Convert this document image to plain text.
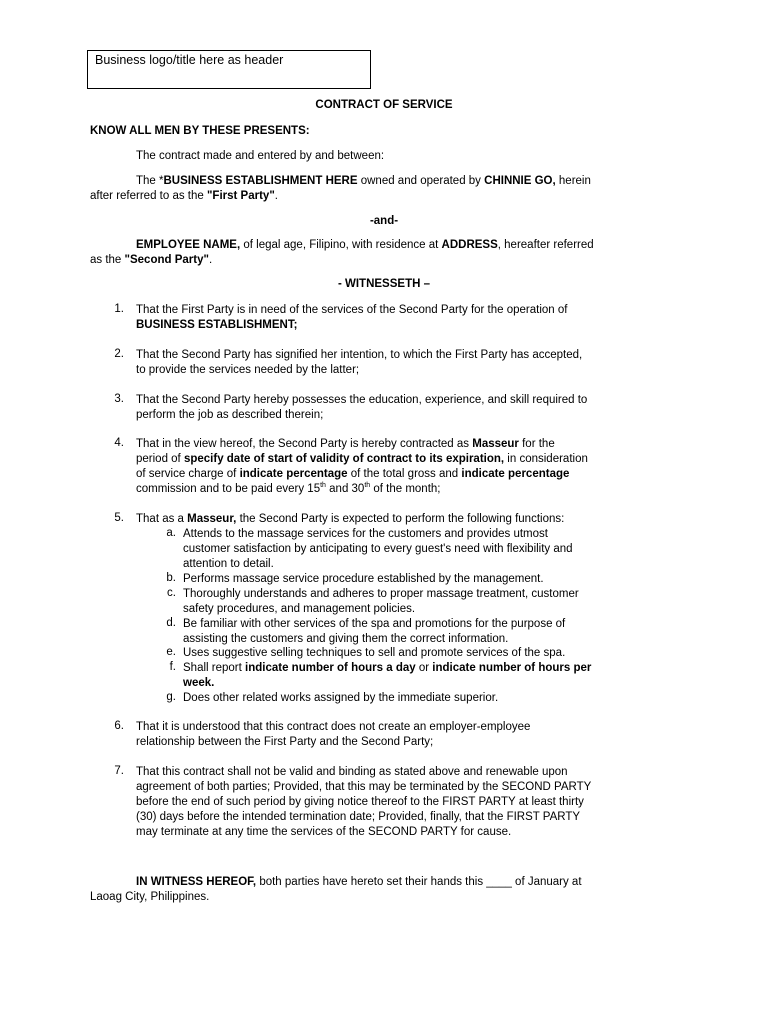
Business logo/title here as header
CONTRACT OF SERVICE
KNOW ALL MEN BY THESE PRESENTS:
The contract made and entered by and between:
The *BUSINESS ESTABLISHMENT HERE owned and operated by CHINNIE GO, herein
after referred to as the "First Party".
-and-
EMPLOYEE NAME, of legal age, Filipino, with residence at ADDRESS, hereafter referred
as the "Second Party".
- WITNESSETH –
1. That the First Party is in need of the services of the Second Party for the operation of
BUSINESS ESTABLISHMENT;
2. That the Second Party has signified her intention, to which the First Party has accepted,
to provide the services needed by the latter;
3. That the Second Party hereby possesses the education, experience, and skill required to
perform the job as described therein;
4. That in the view hereof, the Second Party is hereby contracted as Masseur for the
period of specify date of start of validity of contract to its expiration, in consideration
of service charge of indicate percentage of the total gross and indicate percentage
commission and to be paid every 15th and 30th of the month;
5. That as a Masseur, the Second Party is expected to perform the following functions:
a. Attends to the massage services for the customers and provides utmost
customer satisfaction by anticipating to every guest's need with flexibility and
attention to detail.
b. Performs massage service procedure established by the management.
c. Thoroughly understands and adheres to proper massage treatment, customer
safety procedures, and management policies.
d. Be familiar with other services of the spa and promotions for the purpose of
assisting the customers and giving them the correct information.
e. Uses suggestive selling techniques to sell and promote services of the spa.
f. Shall report indicate number of hours a day or indicate number of hours per
week.
g. Does other related works assigned by the immediate superior.
6. That it is understood that this contract does not create an employer-employee
relationship between the First Party and the Second Party;
7. That this contract shall not be valid and binding as stated above and renewable upon
agreement of both parties; Provided, that this may be terminated by the SECOND PARTY
before the end of such period by giving notice thereof to the FIRST PARTY at least thirty
(30) days before the intended termination date; Provided, finally, that the FIRST PARTY
may terminate at any time the services of the SECOND PARTY for cause.
IN WITNESS HEREOF, both parties have hereto set their hands this ____ of January at
Laoag City, Philippines.
